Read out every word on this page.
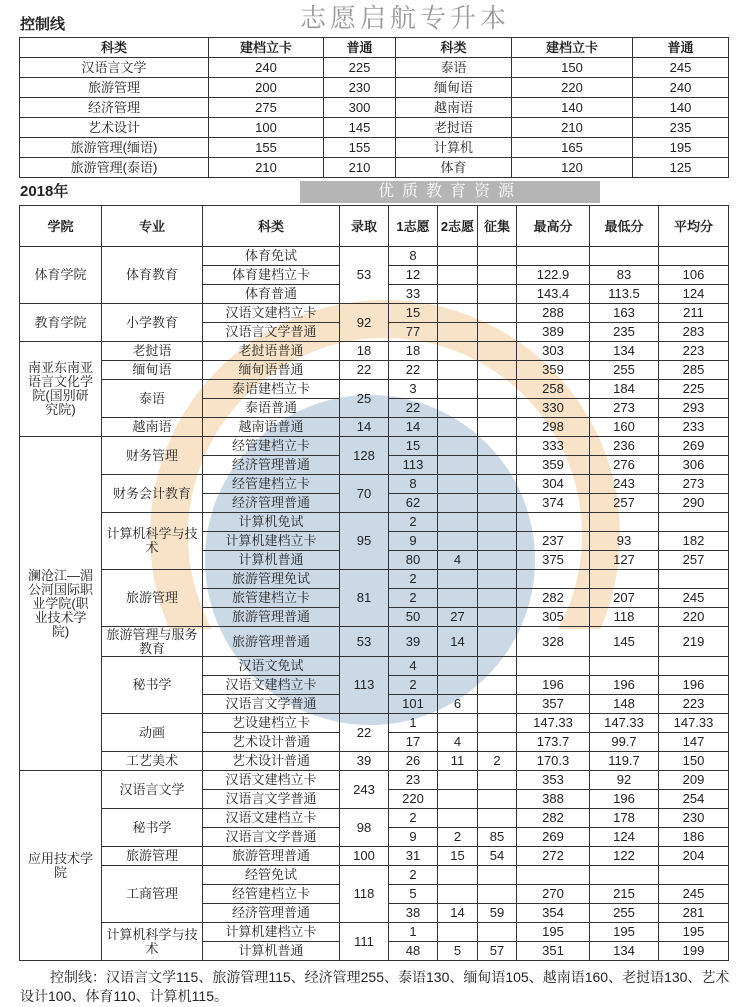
控制线	志愿启航专升本
科类	建档立卡	普通	科类	建档立卡	普通
汉语言文学	240	225	泰语	150	245
旅游管理	200	230	缅甸语	220	240
经济管理	275	300	越南语	140	140
艺术设计	100	145	老挝语	210	235
旅游管理(缅语)	155	155	计算机	165	195
旅游管理(泰语)	210	210	体育	120	125
2018年	优质教育资源
学院	专业	科类	录取	1志愿	2志愿	征集	最高分	最低分	平均分
体育学院	体育教育	体育免试	53	8					
		体育建档立卡		12			122.9	83	106
		体育普通		33			143.4	113.5	124
教育学院	小学教育	汉语文建档立卡	92	15			288	163	211
		汉语言文学普通		77			389	235	283
南亚东南亚语言文化学院(国别研究院)	老挝语	老挝语普通	18	18			303	134	223
	缅甸语	缅甸语普通	22	22			359	255	285
	泰语	泰语建档立卡	25	3			258	184	225
		泰语普通		22			330	273	293
	越南语	越南语普通	14	14			298	160	233
澜沧江—湄公河国际职业学院(职业技术学院)	财务管理	经管建档立卡	128	15			333	236	269
		经济管理普通		113			359	276	306
	财务会计教育	经管建档立卡	70	8			304	243	273
		经济管理普通		62			374	257	290
	计算机科学与技术	计算机免试	95	2					
		计算机建档立卡		9			237	93	182
		计算机普通		80	4		375	127	257
	旅游管理	旅游管理免试	81	2					
		旅管建档立卡		2			282	207	245
		旅游管理普通		50	27		305	118	220
	旅游管理与服务教育	旅游管理普通	53	39	14		328	145	219
	秘书学	汉语文免试	113	4					
		汉语文建档立卡		2			196	196	196
		汉语言文学普通		101	6		357	148	223
	动画	艺设建档立卡	22	1			147.33	147.33	147.33
		艺术设计普通		17	4		173.7	99.7	147
	工艺美术	艺术设计普通	39	26	11	2	170.3	119.7	150
应用技术学院	汉语言文学	汉语文建档立卡	243	23			353	92	209
		汉语言文学普通		220			388	196	254
	秘书学	汉语文建档立卡	98	2			282	178	230
		汉语言文学普通		9	2	85	269	124	186
	旅游管理	旅游管理普通	100	31	15	54	272	122	204
	工商管理	经管免试	118	2					
		经管建档立卡		5			270	215	245
		经济管理普通		38	14	59	354	255	281
	计算机科学与技术	计算机建档立卡	111	1			195	195	195
		计算机普通		48	5	57	351	134	199
控制线：汉语言文学115、旅游管理115、经济管理255、泰语130、缅甸语105、越南语160、老挝语130、艺术设计100、体育110、计算机115。
